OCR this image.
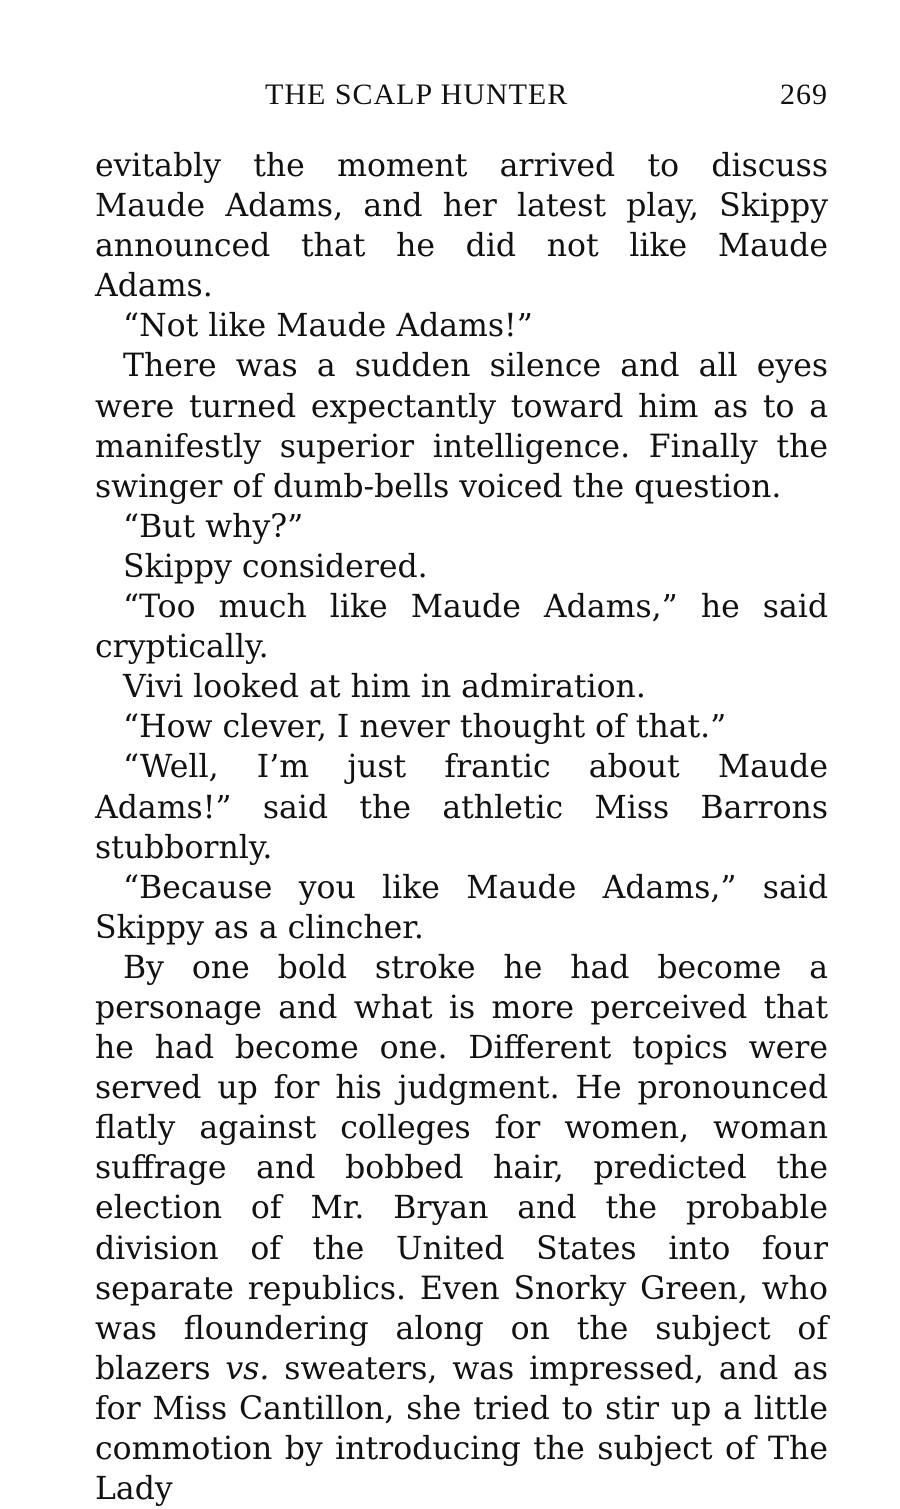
THE SCALP HUNTER	269

evitably the moment arrived to discuss Maude Adams, and her latest play, Skippy announced that he did not like Maude Adams.

“Not like Maude Adams!”

There was a sudden silence and all eyes were turned expectantly toward him as to a manifestly superior intelligence. Finally the swinger of dumb-bells voiced the question.

“But why?”

Skippy considered.

“Too much like Maude Adams,” he said cryptically.

Vivi looked at him in admiration.

“How clever, I never thought of that.”

“Well, I’m just frantic about Maude Adams!” said the athletic Miss Barrons stubbornly.

“Because you like Maude Adams,” said Skippy as a clincher.

By one bold stroke he had become a personage and what is more perceived that he had become one. Different topics were served up for his judgment. He pronounced flatly against colleges for women, woman suffrage and bobbed hair, predicted the election of Mr. Bryan and the probable division of the United States into four separate republics. Even Snorky Green, who was floundering along on the subject of blazers vs. sweaters, was impressed, and as for Miss Cantillon, she tried to stir up a little commotion by introducing the subject of The Lady
